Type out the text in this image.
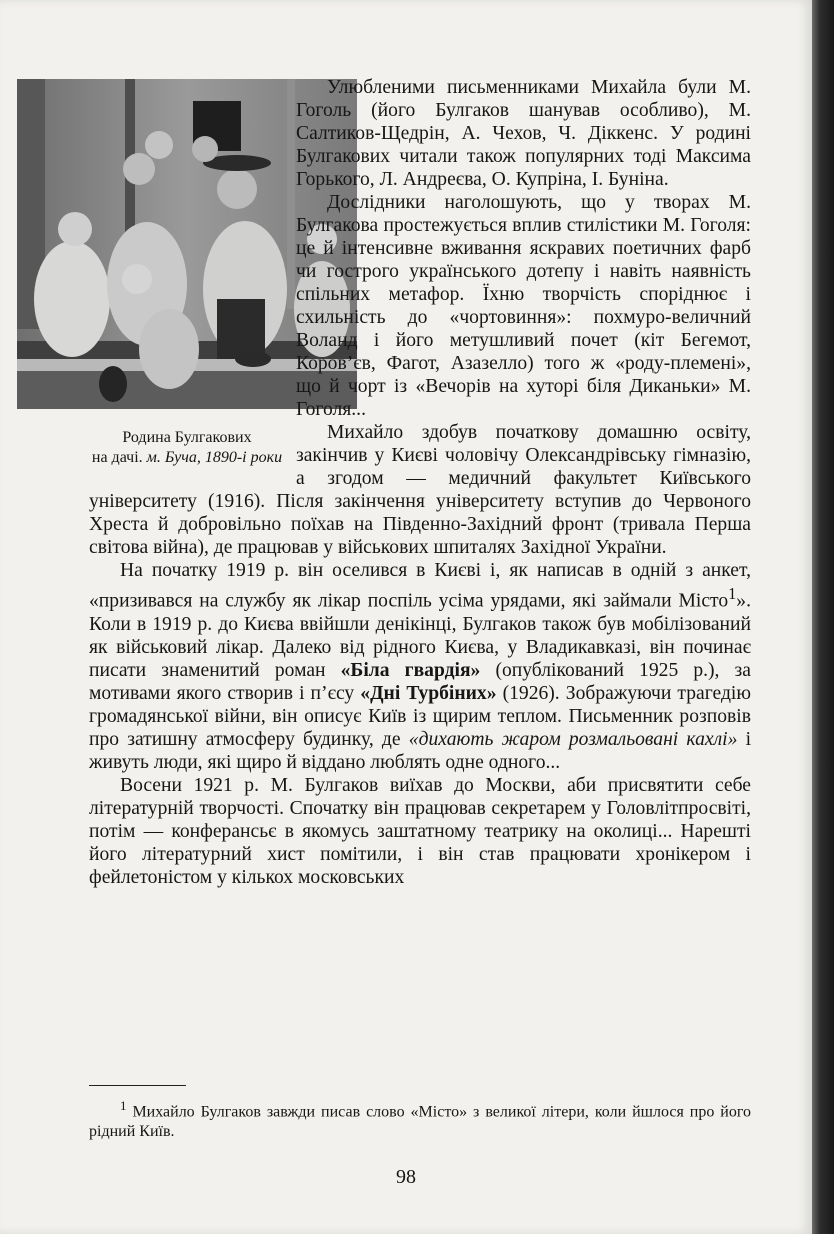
Родина Булгакових
на дачі. м. Буча, 1890-і роки

Улюбленими письменниками Михайла були М. Гоголь (його Булгаков шанував особливо), М. Салтиков-Щедрін, А. Чехов, Ч. Діккенс. У родині Булгакових читали також популярних тоді Максима Горького, Л. Андреєва, О. Купріна, І. Буніна.

Дослідники наголошують, що у творах М. Булгакова простежується вплив стилістики М. Гоголя: це й інтенсивне вживання яскравих поетичних фарб чи гострого українського дотепу і навіть наявність спільних метафор. Їхню творчість споріднює і схильність до «чортовиння»: похмуро-величний Воланд і його метушливий почет (кіт Бегемот, Коров’єв, Фагот, Азазелло) того ж «роду-племені», що й чорт із «Вечорів на хуторі біля Диканьки» М. Гоголя...

Михайло здобув початкову домашню освіту, закінчив у Києві чоловічу Олександрівську гімназію, а згодом — медичний факультет Київського університету (1916). Після закінчення університету вступив до Червоного Хреста й добровільно поїхав на Південно-Західний фронт (тривала Перша світова війна), де працював у військових шпиталях Західної України.

На початку 1919 р. він оселився в Києві і, як написав в одній з анкет, «призивався на службу як лікар поспіль усіма урядами, які займали Місто$^1$». Коли в 1919 р. до Києва ввійшли денікінці, Булгаков також був мобілізований як військовий лікар. Далеко від рідного Києва, у Владикавказі, він починає писати знаменитий роман «Біла гвардія» (опублікований 1925 р.), за мотивами якого створив і п’єсу «Дні Турбіних» (1926). Зображуючи трагедію громадянської війни, він описує Київ із щирим теплом. Письменник розповів про затишну атмосферу будинку, де «дихають жаром розмальовані кахлі» і живуть люди, які щиро й віддано люблять одне одного...

Восени 1921 р. М. Булгаков виїхав до Москви, аби присвятити себе літературній творчості. Спочатку він працював секретарем у Головлітпросвіті, потім — конферансьє в якомусь заштатному театрику на околиці... Нарешті його літературний хист помітили, і він став працювати хронікером і фейлетоністом у кількох московських

$^1$ Михайло Булгаков завжди писав слово «Місто» з великої літери, коли йшлося про його рідний Київ.
98
